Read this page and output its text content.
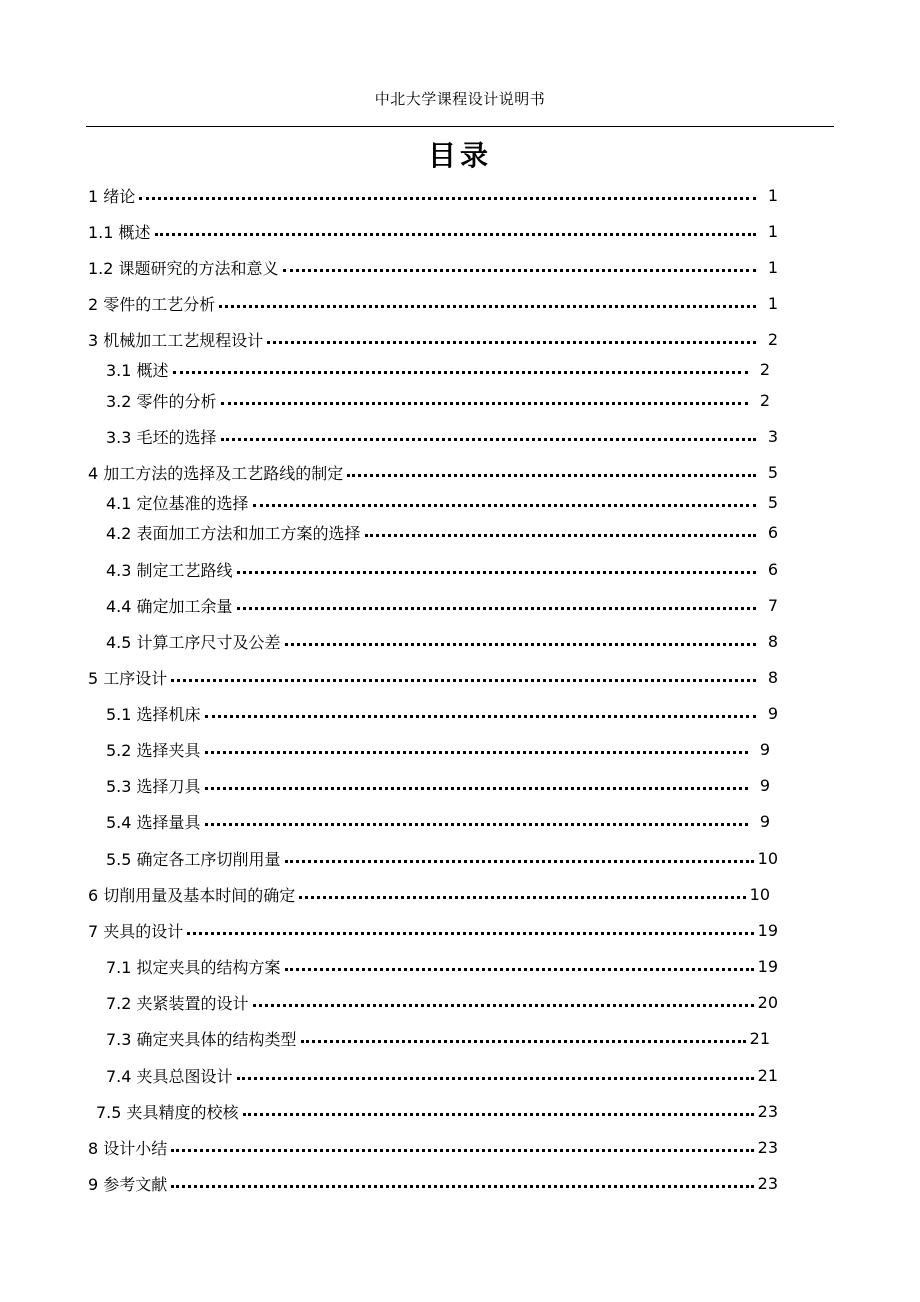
中北大学课程设计说明书
目录
1 绪论	1
1.1 概述	1
1.2 课题研究的方法和意义	1
2 零件的工艺分析	1
3 机械加工工艺规程设计	2
3.1 概述	2
3.2 零件的分析	2
3.3 毛坯的选择	3
4 加工方法的选择及工艺路线的制定	5
4.1 定位基准的选择	5
4.2 表面加工方法和加工方案的选择	6
4.3 制定工艺路线	6
4.4 确定加工余量	7
4.5 计算工序尺寸及公差	8
5 工序设计	8
5.1 选择机床	9
5.2 选择夹具	9
5.3 选择刀具	9
5.4 选择量具	9
5.5 确定各工序切削用量	10
6 切削用量及基本时间的确定	10
7 夹具的设计	19
7.1 拟定夹具的结构方案	19
7.2 夹紧装置的设计	20
7.3 确定夹具体的结构类型	21
7.4 夹具总图设计	21
7.5 夹具精度的校核	23
8 设计小结	23
9 参考文献	23
